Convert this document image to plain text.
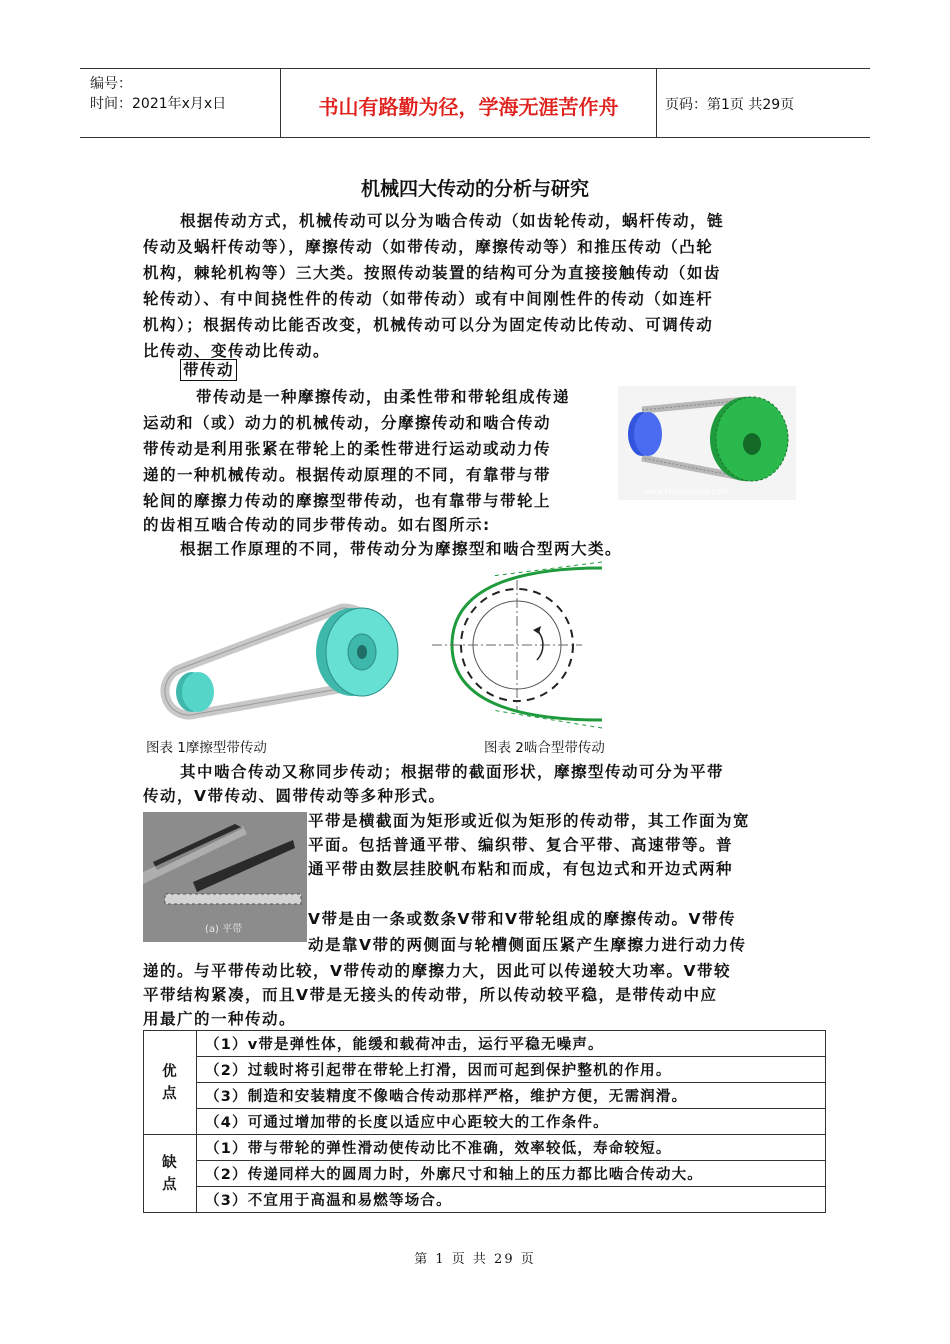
编号：
时间：2021年x月x日	书山有路勤为径，学海无涯苦作舟	页码：第1页 共29页
机械四大传动的分析与研究

根据传动方式，机械传动可以分为啮合传动（如齿轮传动，蜗杆传动，链

传动及蜗杆传动等），摩擦传动（如带传动，摩擦传动等）和推压传动（凸轮

机构，棘轮机构等）三大类。按照传动装置的结构可分为直接接触传动（如齿

轮传动）、有中间挠性件的传动（如带传动）或有中间刚性件的传动（如连杆

机构）；根据传动比能否改变，机械传动可以分为固定传动比传动、可调传动

比传动、变传动比传动。

带传动

带传动是一种摩擦传动，由柔性带和带轮组成传递

运动和（或）动力的机械传动，分摩擦传动和啮合传动

带传动是利用张紧在带轮上的柔性带进行运动或动力传

递的一种机械传动。根据传动原理的不同，有靠带与带

轮间的摩擦力传动的摩擦型带传动，也有靠带与带轮上

的齿相互啮合传动的同步带传动。如右图所示:

www.chuandong.com

根据工作原理的不同，带传动分为摩擦型和啮合型两大类。

图表 1摩擦型带传动	图表 2啮合型带传动

其中啮合传动又称同步传动；根据带的截面形状，摩擦型传动可分为平带

传动，V带传动、圆带传动等多种形式。

(a) 平带

平带是横截面为矩形或近似为矩形的传动带，其工作面为宽

平面。包括普通平带、编织带、复合平带、高速带等。普

通平带由数层挂胶帆布粘和而成，有包边式和开边式两种

V带是由一条或数条V带和V带轮组成的摩擦传动。V带传

动是靠V带的两侧面与轮槽侧面压紧产生摩擦力进行动力传

递的。与平带传动比较，V带传动的摩擦力大，因此可以传递较大功率。V带较

平带结构紧凑，而且V带是无接头的传动带，所以传动较平稳，是带传动中应

用最广的一种传动。

优点	（1）v带是弹性体，能缓和载荷冲击，运行平稳无噪声。
	（2）过载时将引起带在带轮上打滑，因而可起到保护整机的作用。
	（3）制造和安装精度不像啮合传动那样严格，维护方便，无需润滑。
	（4）可通过增加带的长度以适应中心距较大的工作条件。
缺点	（1）带与带轮的弹性滑动使传动比不准确，效率较低，寿命较短。
	（2）传递同样大的圆周力时，外廓尺寸和轴上的压力都比啮合传动大。
	（3）不宜用于高温和易燃等场合。
第 1 页 共 29 页
